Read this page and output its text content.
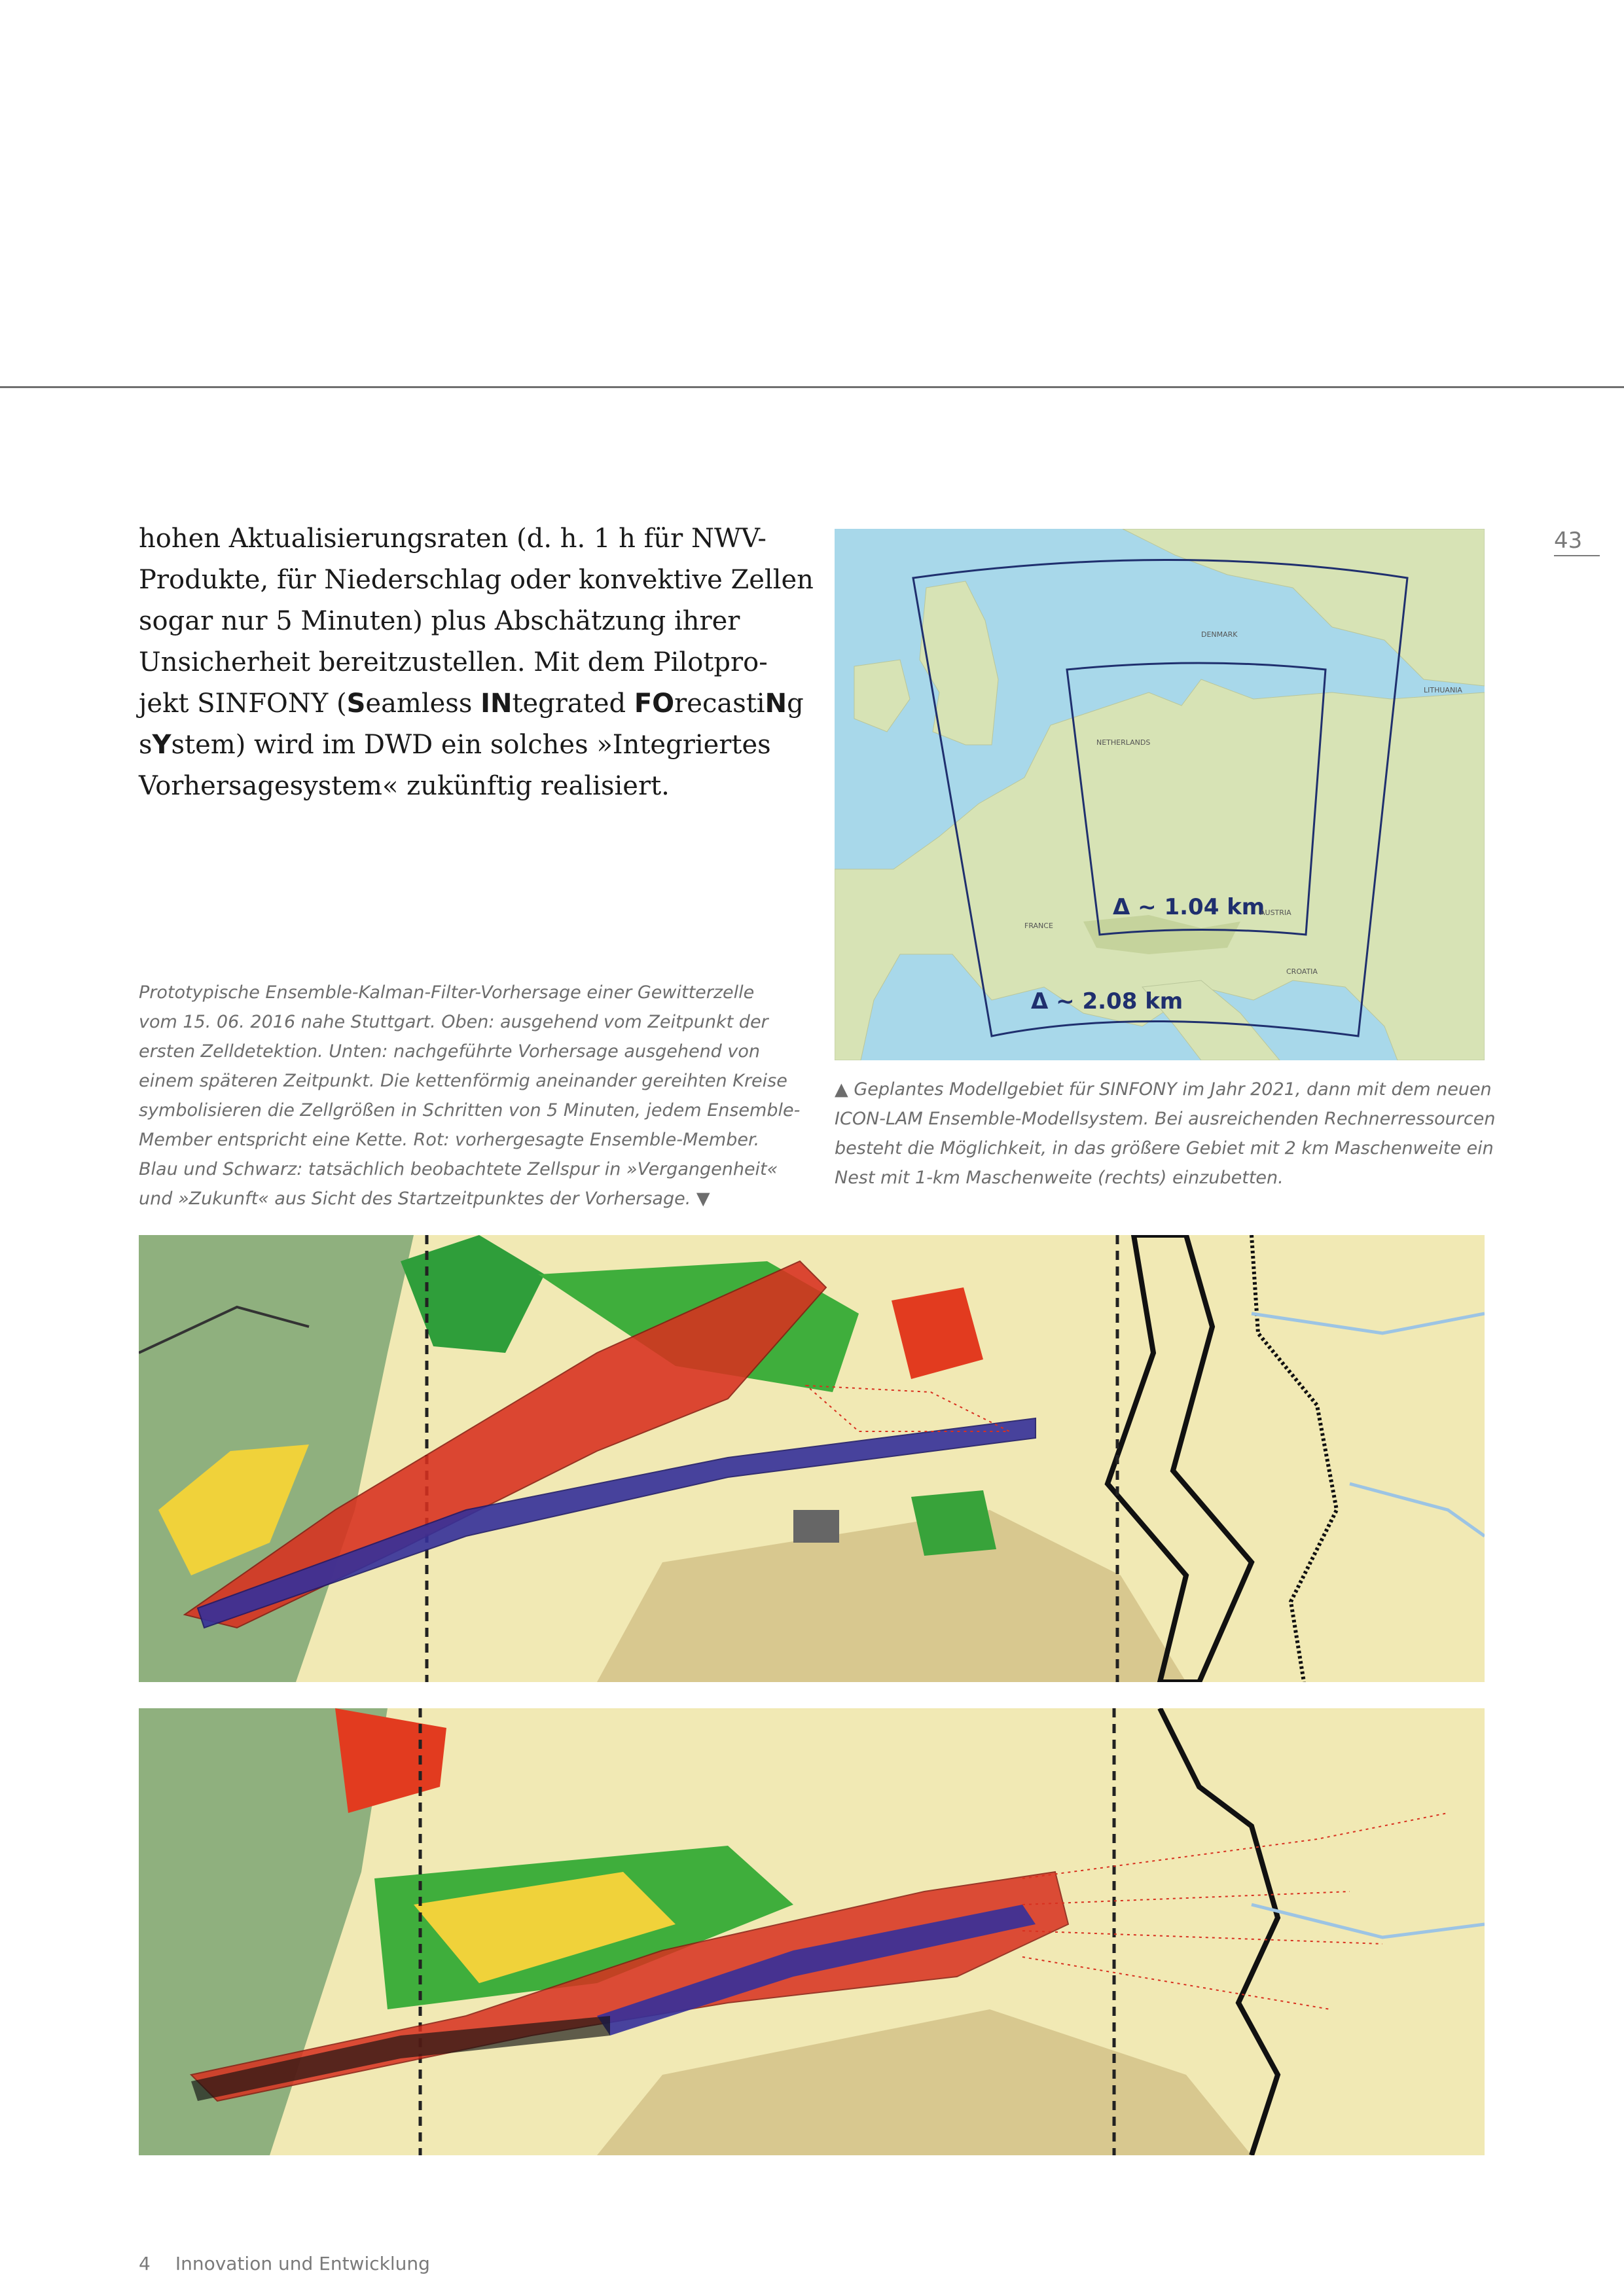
43
hohen Aktualisierungsraten (d. h. 1 h für NWV-
Produkte, für Niederschlag oder konvektive Zellen
sogar nur 5 Minuten) plus Abschätzung ihrer
Unsicherheit bereitzustellen. Mit dem Pilotpro-
jekt SINFONY (Seamless INtegrated FOrecastiNg
sYstem) wird im DWD ein solches »Integriertes
Vorhersagesystem« zukünftig realisiert.
Δ ~ 1.04 km
Δ ~ 2.08 km
FRANCE
NETHERLANDS
DENMARK
AUSTRIA
CROATIA
LITHUANIA
Prototypische Ensemble-Kalman-Filter-Vorhersage einer Gewitterzelle
vom 15. 06. 2016 nahe Stuttgart. Oben: ausgehend vom Zeitpunkt der
ersten Zelldetektion. Unten: nachgeführte Vorhersage ausgehend von
einem späteren Zeitpunkt. Die kettenförmig aneinander gereihten Kreise
symbolisieren die Zellgrößen in Schritten von 5 Minuten, jedem Ensemble-
Member entspricht eine Kette. Rot: vorhergesagte Ensemble-Member.
Blau und Schwarz: tatsächlich beobachtete Zellspur in »Vergangenheit«
und »Zukunft« aus Sicht des Startzeitpunktes der Vorhersage. ▼
▲ Geplantes Modellgebiet für SINFONY im Jahr 2021, dann mit dem neuen
ICON-LAM Ensemble-Modellsystem. Bei ausreichenden Rechnerressourcen
besteht die Möglichkeit, in das größere Gebiet mit 2 km Maschenweite ein
Nest mit 1-km Maschenweite (rechts) einzubetten.
4 Innovation und Entwicklung
